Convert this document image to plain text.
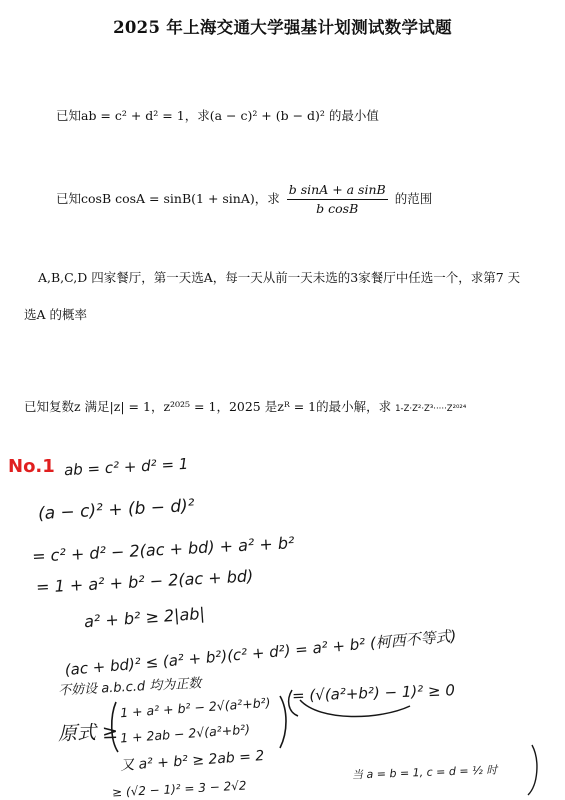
2025 年上海交通大学强基计划测试数学试题
已知ab = c² + d² = 1，求(a − c)² + (b − d)² 的最小值
已知cosB cosA = sinB(1 + sinA)，求 $\frac{\text{b sinA + a sinB}}{\text{b cosB}}$ 的范围
A,B,C,D 四家餐厅，第一天选A，每一天从前一天未选的3家餐厅中任选一个，求第7 天
选A 的概率
已知复数z 满足|z| = 1，z²⁰²⁵ = 1，2025 是zᴿ = 1的最小解，求 1-Z·Z²·Z³·····Z²⁰²⁴
No.1 ab = c² + d² = 1
(a − c)² + (b − d)²
= c² + d² − 2(ac + bd) + a² + b²
= 1 + a² + b² − 2(ac + bd)
a² + b² ≥ 2|ab|
(ac + bd)² ≤ (a² + b²)(c² + d²) = a² + b² (柯西不等式)
不妨设 a.b.c.d 均为正数	= (√(a²+b²) − 1)² ≥ 0
1 + a² + b² − 2√(a²+b²)
1 + 2ab − 2√(a²+b²)
原式 ≥
又 a² + b² ≥ 2ab = 2	当 a = b = 1, c = d = ½ 时
≥ (√2 − 1)² = 3 − 2√2
